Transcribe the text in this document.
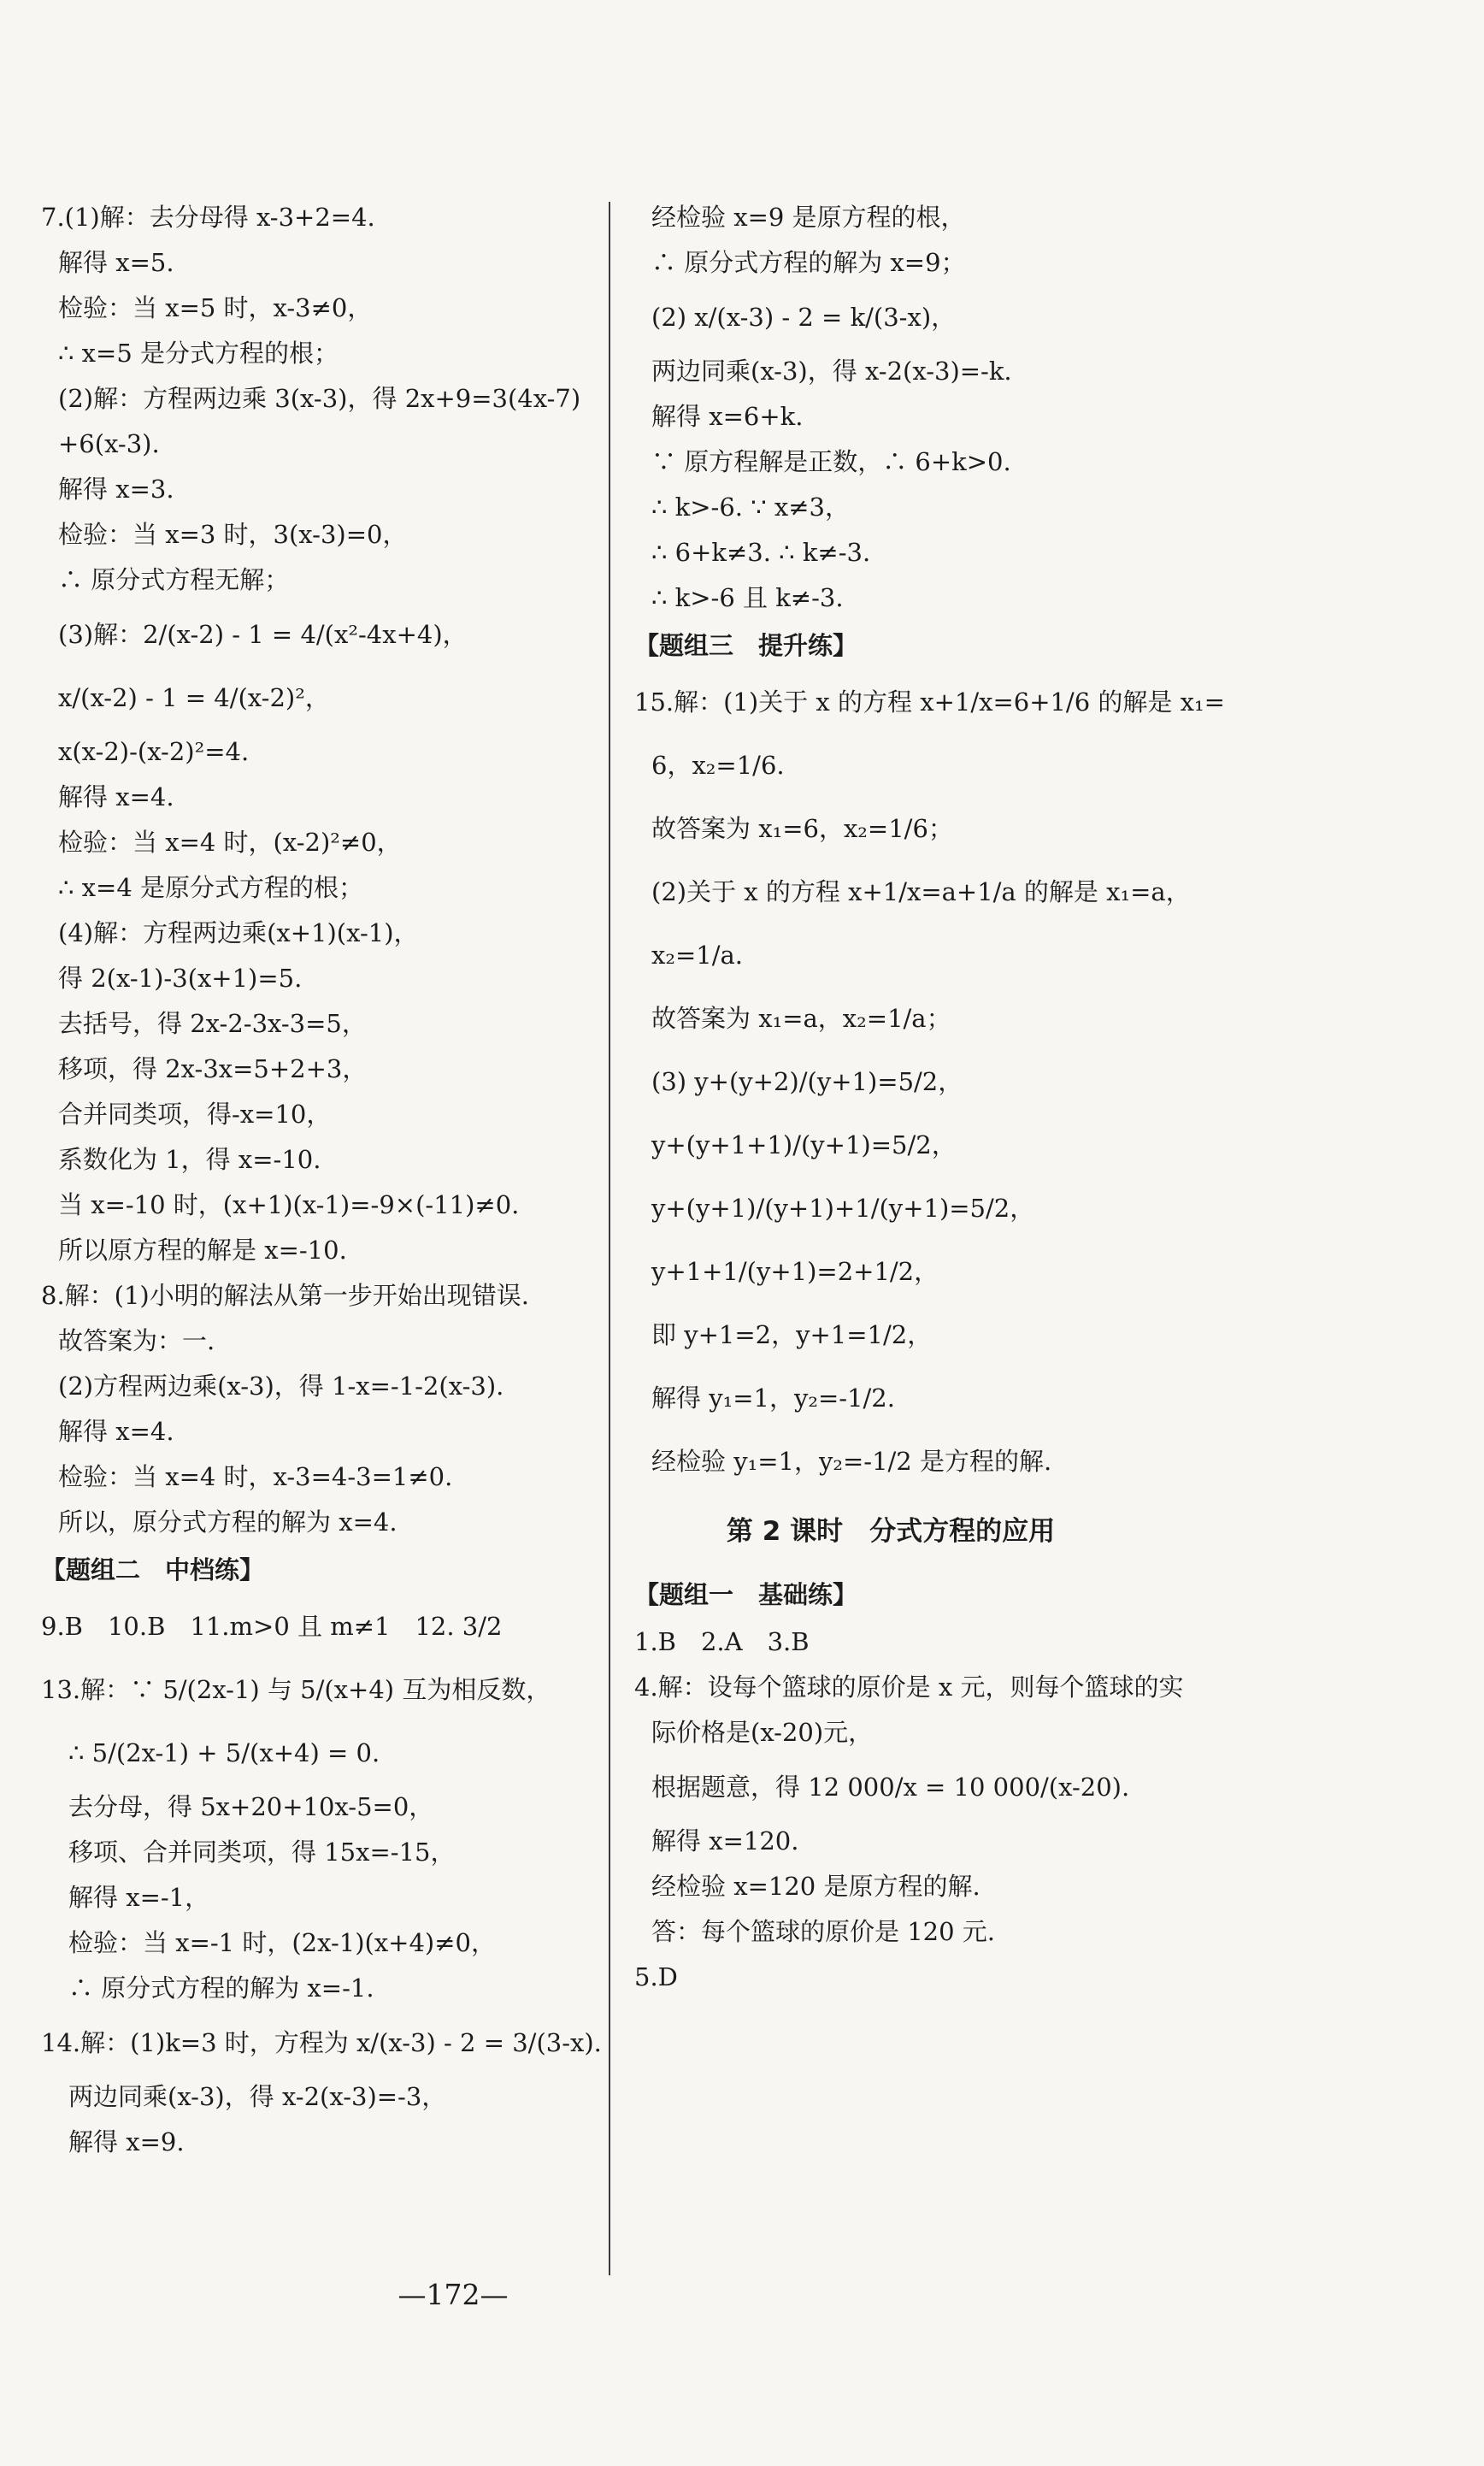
7.(1)解：去分母得 x-3+2=4.
解得 x=5.
检验：当 x=5 时，x-3≠0，
∴ x=5 是分式方程的根；
(2)解：方程两边乘 3(x-3)，得 2x+9=3(4x-7)
+6(x-3).
解得 x=3.
检验：当 x=3 时，3(x-3)=0，
∴ 原分式方程无解；
(3)解：2/(x-2) - 1 = 4/(x²-4x+4)，
x/(x-2) - 1 = 4/(x-2)²，
x(x-2)-(x-2)²=4.
解得 x=4.
检验：当 x=4 时，(x-2)²≠0，
∴ x=4 是原分式方程的根；
(4)解：方程两边乘(x+1)(x-1)，
得 2(x-1)-3(x+1)=5.
去括号，得 2x-2-3x-3=5，
移项，得 2x-3x=5+2+3，
合并同类项，得-x=10，
系数化为 1，得 x=-10.
当 x=-10 时，(x+1)(x-1)=-9×(-11)≠0.
所以原方程的解是 x=-10.
8.解：(1)小明的解法从第一步开始出现错误.
故答案为：一.
(2)方程两边乘(x-3)，得 1-x=-1-2(x-3).
解得 x=4.
检验：当 x=4 时，x-3=4-3=1≠0.
所以，原分式方程的解为 x=4.
【题组二　中档练】
9.B　10.B　11.m>0 且 m≠1　12. 3/2
13.解：∵ 5/(2x-1) 与 5/(x+4) 互为相反数，
∴ 5/(2x-1) + 5/(x+4) = 0.
去分母，得 5x+20+10x-5=0，
移项、合并同类项，得 15x=-15，
解得 x=-1，
检验：当 x=-1 时，(2x-1)(x+4)≠0，
∴ 原分式方程的解为 x=-1.
14.解：(1)k=3 时，方程为 x/(x-3) - 2 = 3/(3-x).
两边同乘(x-3)，得 x-2(x-3)=-3，
解得 x=9.
经检验 x=9 是原方程的根，
∴ 原分式方程的解为 x=9；
(2) x/(x-3) - 2 = k/(3-x)，
两边同乘(x-3)，得 x-2(x-3)=-k.
解得 x=6+k.
∵ 原方程解是正数，∴ 6+k>0.
∴ k>-6. ∵ x≠3，
∴ 6+k≠3. ∴ k≠-3.
∴ k>-6 且 k≠-3.
【题组三　提升练】
15.解：(1)关于 x 的方程 x+1/x=6+1/6 的解是 x₁=
6，x₂=1/6.
故答案为 x₁=6，x₂=1/6；
(2)关于 x 的方程 x+1/x=a+1/a 的解是 x₁=a，
x₂=1/a.
故答案为 x₁=a，x₂=1/a；
(3) y+(y+2)/(y+1)=5/2，
y+(y+1+1)/(y+1)=5/2，
y+(y+1)/(y+1)+1/(y+1)=5/2，
y+1+1/(y+1)=2+1/2，
即 y+1=2，y+1=1/2，
解得 y₁=1，y₂=-1/2.
经检验 y₁=1，y₂=-1/2 是方程的解.
第 2 课时　分式方程的应用
【题组一　基础练】
1.B　2.A　3.B
4.解：设每个篮球的原价是 x 元，则每个篮球的实
际价格是(x-20)元，
根据题意，得 12 000/x = 10 000/(x-20).
解得 x=120.
经检验 x=120 是原方程的解.
答：每个篮球的原价是 120 元.
5.D
—172—
